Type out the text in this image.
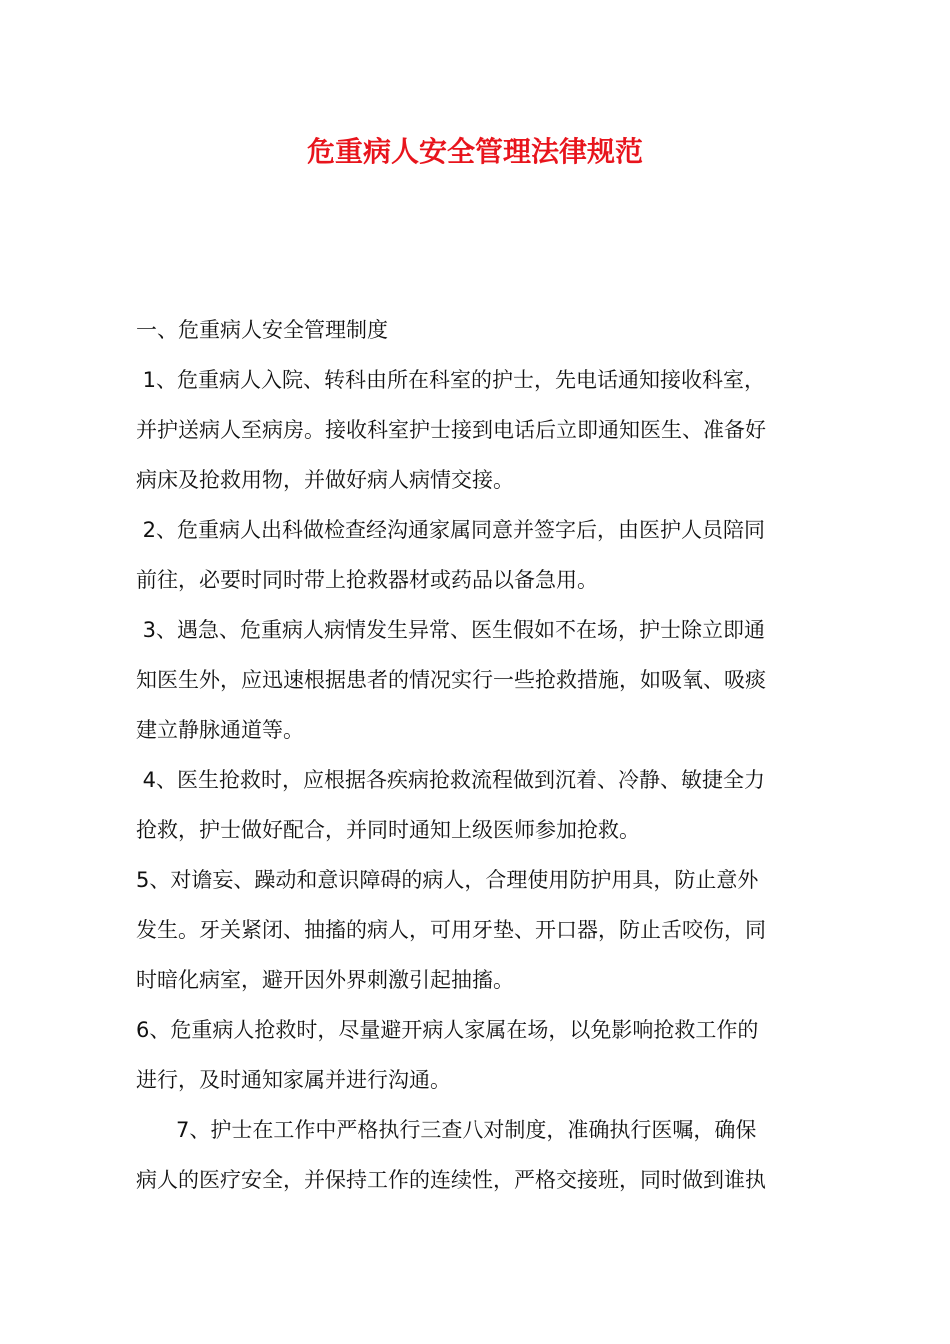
危重病人安全管理法律规范

一、危重病人安全管理制度

1、危重病人入院、转科由所在科室的护士，先电话通知接收科室，

并护送病人至病房。接收科室护士接到电话后立即通知医生、准备好

病床及抢救用物，并做好病人病情交接。

2、危重病人出科做检查经沟通家属同意并签字后，由医护人员陪同

前往，必要时同时带上抢救器材或药品以备急用。

3、遇急、危重病人病情发生异常、医生假如不在场，护士除立即通

知医生外，应迅速根据患者的情况实行一些抢救措施，如吸氧、吸痰

建立静脉通道等。

4、医生抢救时，应根据各疾病抢救流程做到沉着、冷静、敏捷全力

抢救，护士做好配合，并同时通知上级医师参加抢救。

5、对谵妄、躁动和意识障碍的病人，合理使用防护用具，防止意外

发生。牙关紧闭、抽搐的病人，可用牙垫、开口器，防止舌咬伤，同

时暗化病室，避开因外界刺激引起抽搐。

6、危重病人抢救时，尽量避开病人家属在场，以免影响抢救工作的

进行，及时通知家属并进行沟通。

7、护士在工作中严格执行三查八对制度，准确执行医嘱，确保

病人的医疗安全，并保持工作的连续性，严格交接班，同时做到谁执
